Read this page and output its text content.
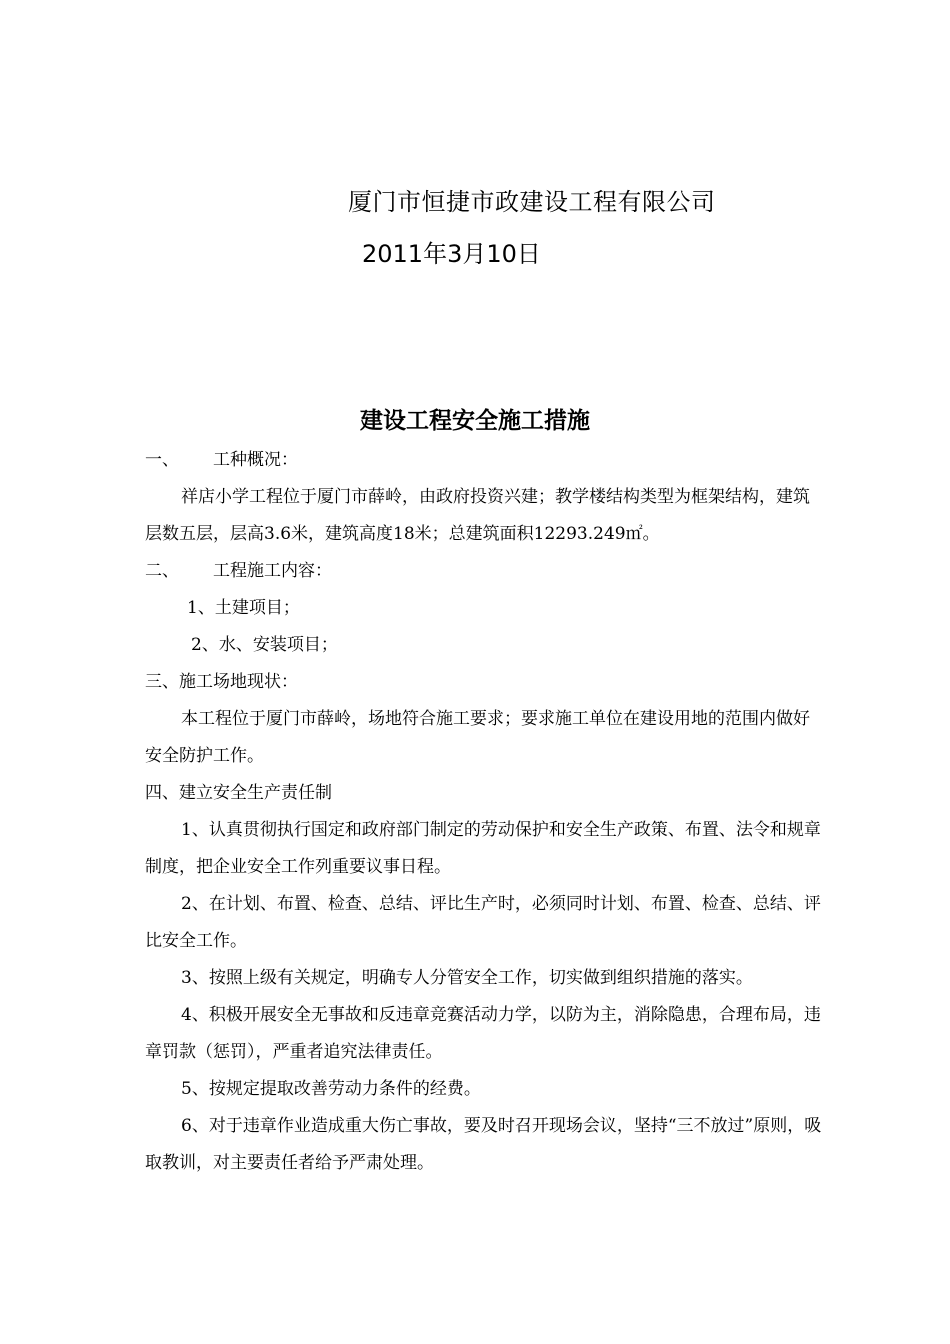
厦门市恒捷市政建设工程有限公司
2011年3月10日
建设工程安全施工措施

一、 工种概况：

祥店小学工程位于厦门市薛岭，由政府投资兴建；教学楼结构类型为框架结构，建筑层数五层，层高3.6米，建筑高度18米；总建筑面积12293.249㎡。

二、 工程施工内容：

1、土建项目；

2、水、安装项目；

三、施工场地现状：

本工程位于厦门市薛岭，场地符合施工要求；要求施工单位在建设用地的范围内做好安全防护工作。

四、建立安全生产责任制

1、认真贯彻执行国定和政府部门制定的劳动保护和安全生产政策、布置、法令和规章制度，把企业安全工作列重要议事日程。

2、在计划、布置、检查、总结、评比生产时，必须同时计划、布置、检查、总结、评比安全工作。

3、按照上级有关规定，明确专人分管安全工作，切实做到组织措施的落实。

4、积极开展安全无事故和反违章竞赛活动力学，以防为主，消除隐患，合理布局，违章罚款（惩罚），严重者追究法律责任。

5、按规定提取改善劳动力条件的经费。

6、对于违章作业造成重大伤亡事故，要及时召开现场会议，坚持“三不放过”原则，吸取教训，对主要责任者给予严肃处理。
